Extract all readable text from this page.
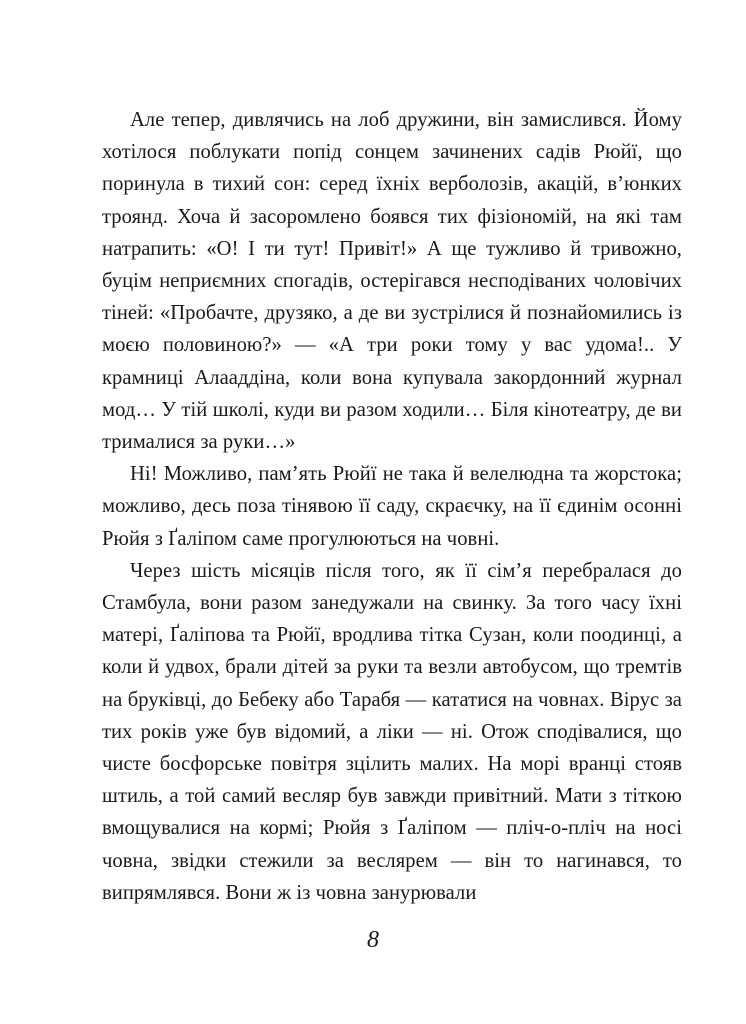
Але тепер, дивлячись на лоб дружини, він замислився. Йому хотілося поблукати попід сонцем зачинених садів Рюйї, що поринула в тихий сон: серед їхніх верболозів, акацій, в’юнких троянд. Хоча й засоромлено боявся тих фізіономій, на які там натрапить: «О! І ти тут! Привіт!» А ще тужливо й тривожно, буцім неприємних спогадів, остерігався несподіваних чоловічих тіней: «Пробачте, друзяко, а де ви зустрілися й познайомились із моєю половиною?» — «А три роки тому у вас удома!.. У крамниці Алааддіна, коли вона купувала закордонний журнал мод… У тій школі, куди ви разом ходили… Біля кінотеатру, де ви трималися за руки…»

Ні! Можливо, пам’ять Рюйї не така й велелюдна та жорстока; можливо, десь поза тінявою її саду, скраєчку, на її єдинім осонні Рюйя з Ґаліпом саме прогулюються на човні.

Через шість місяців після того, як її сім’я перебралася до Стамбула, вони разом занедужали на свинку. За того часу їхні матері, Ґаліпова та Рюйї, вродлива тітка Сузан, коли поодинці, а коли й удвох, брали дітей за руки та везли автобусом, що тремтів на бруківці, до Бебеку або Тарабя — кататися на човнах. Вірус за тих років уже був відомий, а ліки — ні. Отож сподівалися, що чисте босфорське повітря зцілить малих. На морі вранці стояв штиль, а той самий весляр був завжди привітний. Мати з тіткою вмощувалися на кормі; Рюйя з Ґаліпом — пліч-о-пліч на носі човна, звідки стежили за веслярем — він то нагинався, то випрямлявся. Вони ж із човна занурювали

8
